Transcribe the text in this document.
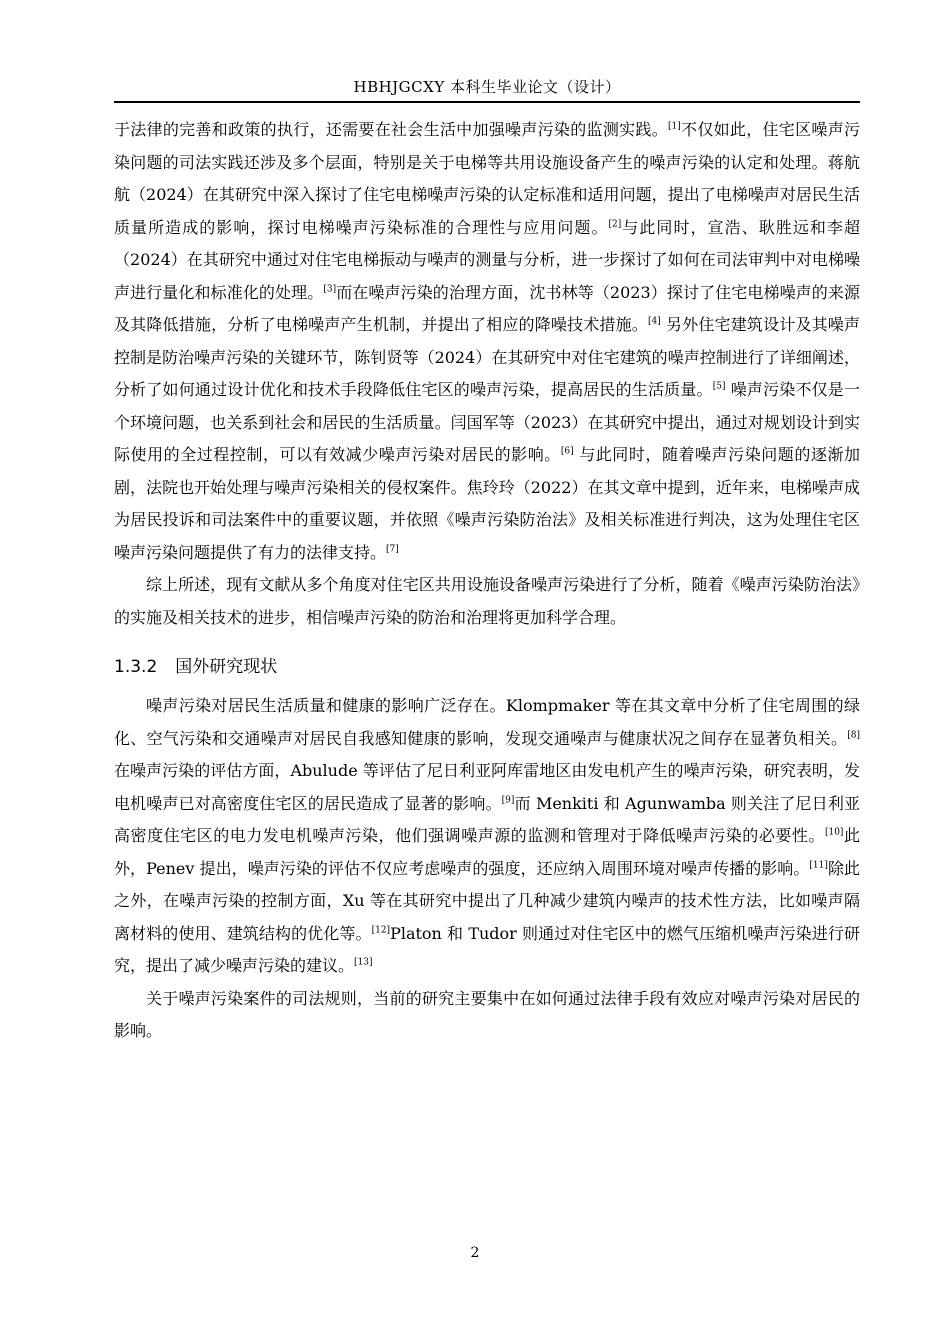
HBHJGCXY 本科生毕业论文（设计）

于法律的完善和政策的执行，还需要在社会生活中加强噪声污染的监测实践。[1]不仅如此，住宅区噪声污染问题的司法实践还涉及多个层面，特别是关于电梯等共用设施设备产生的噪声污染的认定和处理。蒋航航（2024）在其研究中深入探讨了住宅电梯噪声污染的认定标准和适用问题，提出了电梯噪声对居民生活质量所造成的影响，探讨电梯噪声污染标准的合理性与应用问题。[2]与此同时，宣浩、耿胜远和李超（2024）在其研究中通过对住宅电梯振动与噪声的测量与分析，进一步探讨了如何在司法审判中对电梯噪声进行量化和标准化的处理。[3]而在噪声污染的治理方面，沈书林等（2023）探讨了住宅电梯噪声的来源及其降低措施，分析了电梯噪声产生机制，并提出了相应的降噪技术措施。[4] 另外住宅建筑设计及其噪声控制是防治噪声污染的关键环节，陈钊贤等（2024）在其研究中对住宅建筑的噪声控制进行了详细阐述，分析了如何通过设计优化和技术手段降低住宅区的噪声污染，提高居民的生活质量。[5] 噪声污染不仅是一个环境问题，也关系到社会和居民的生活质量。闫国军等（2023）在其研究中提出，通过对规划设计到实际使用的全过程控制，可以有效减少噪声污染对居民的影响。[6] 与此同时，随着噪声污染问题的逐渐加剧，法院也开始处理与噪声污染相关的侵权案件。焦玲玲（2022）在其文章中提到，近年来，电梯噪声成为居民投诉和司法案件中的重要议题，并依照《噪声污染防治法》及相关标准进行判决，这为处理住宅区噪声污染问题提供了有力的法律支持。[7]

综上所述，现有文献从多个角度对住宅区共用设施设备噪声污染进行了分析，随着《噪声污染防治法》的实施及相关技术的进步，相信噪声污染的防治和治理将更加科学合理。

1.3.2 国外研究现状

噪声污染对居民生活质量和健康的影响广泛存在。Klompmaker 等在其文章中分析了住宅周围的绿化、空气污染和交通噪声对居民自我感知健康的影响，发现交通噪声与健康状况之间存在显著负相关。[8]在噪声污染的评估方面，Abulude 等评估了尼日利亚阿库雷地区由发电机产生的噪声污染，研究表明，发电机噪声已对高密度住宅区的居民造成了显著的影响。[9]而 Menkiti 和 Agunwamba 则关注了尼日利亚高密度住宅区的电力发电机噪声污染，他们强调噪声源的监测和管理对于降低噪声污染的必要性。[10]此外，Penev 提出，噪声污染的评估不仅应考虑噪声的强度，还应纳入周围环境对噪声传播的影响。[11]除此之外，在噪声污染的控制方面，Xu 等在其研究中提出了几种减少建筑内噪声的技术性方法，比如噪声隔离材料的使用、建筑结构的优化等。[12]Platon 和 Tudor 则通过对住宅区中的燃气压缩机噪声污染进行研究，提出了减少噪声污染的建议。[13]

关于噪声污染案件的司法规则，当前的研究主要集中在如何通过法律手段有效应对噪声污染对居民的影响。

2
